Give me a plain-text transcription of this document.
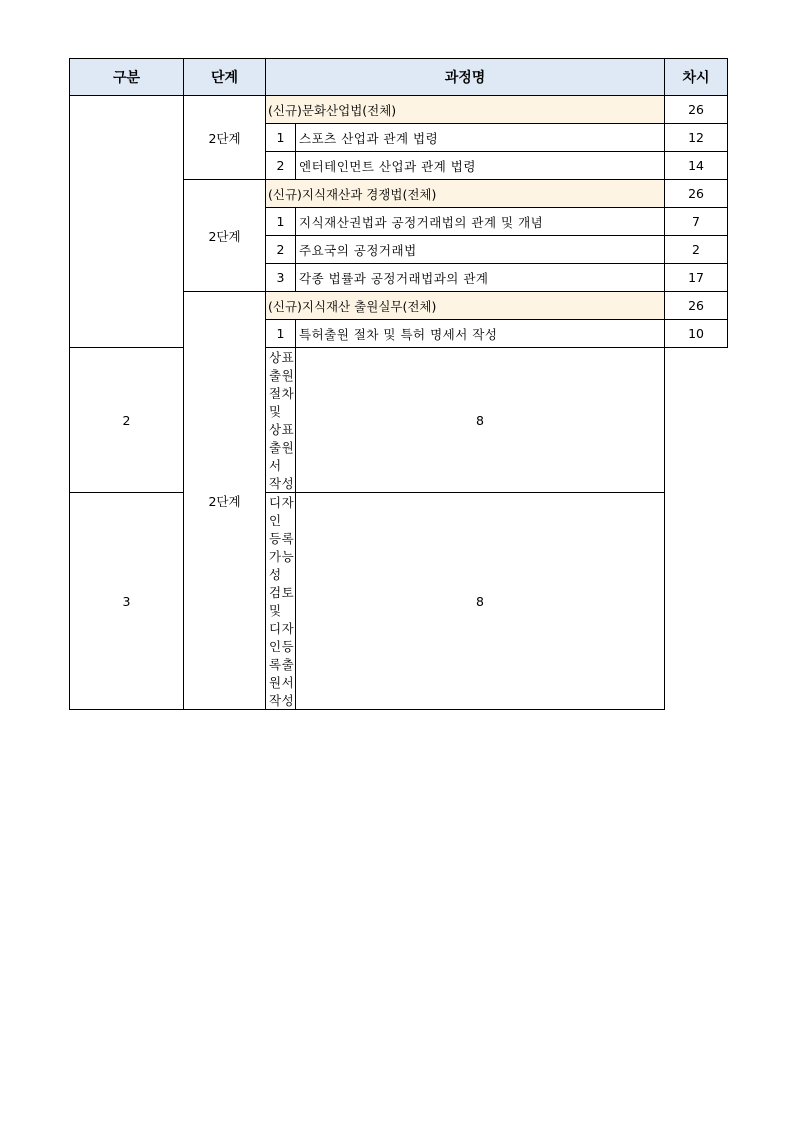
구분	단계	과정명		차시
	2단계	(신규)문화산업법(전체)		26
		1	스포츠 산업과 관계 법령	12
		2	엔터테인먼트 산업과 관계 법령	14
	2단계	(신규)지식재산과 경쟁법(전체)		26
		1	지식재산권법과 공정거래법의 관계 및 개념	7
		2	주요국의 공정거래법	2
		3	각종 법률과 공정거래법과의 관계	17
	2단계	(신규)지식재산 출원실무(전체)		26
		1	특허출원 절차 및 특허 명세서 작성	10
2		상표출원 절차 및 상표 출원서 작성	8	
3		디자인 등록가능성 검토 및 디자인등록출원서 작성	8	
